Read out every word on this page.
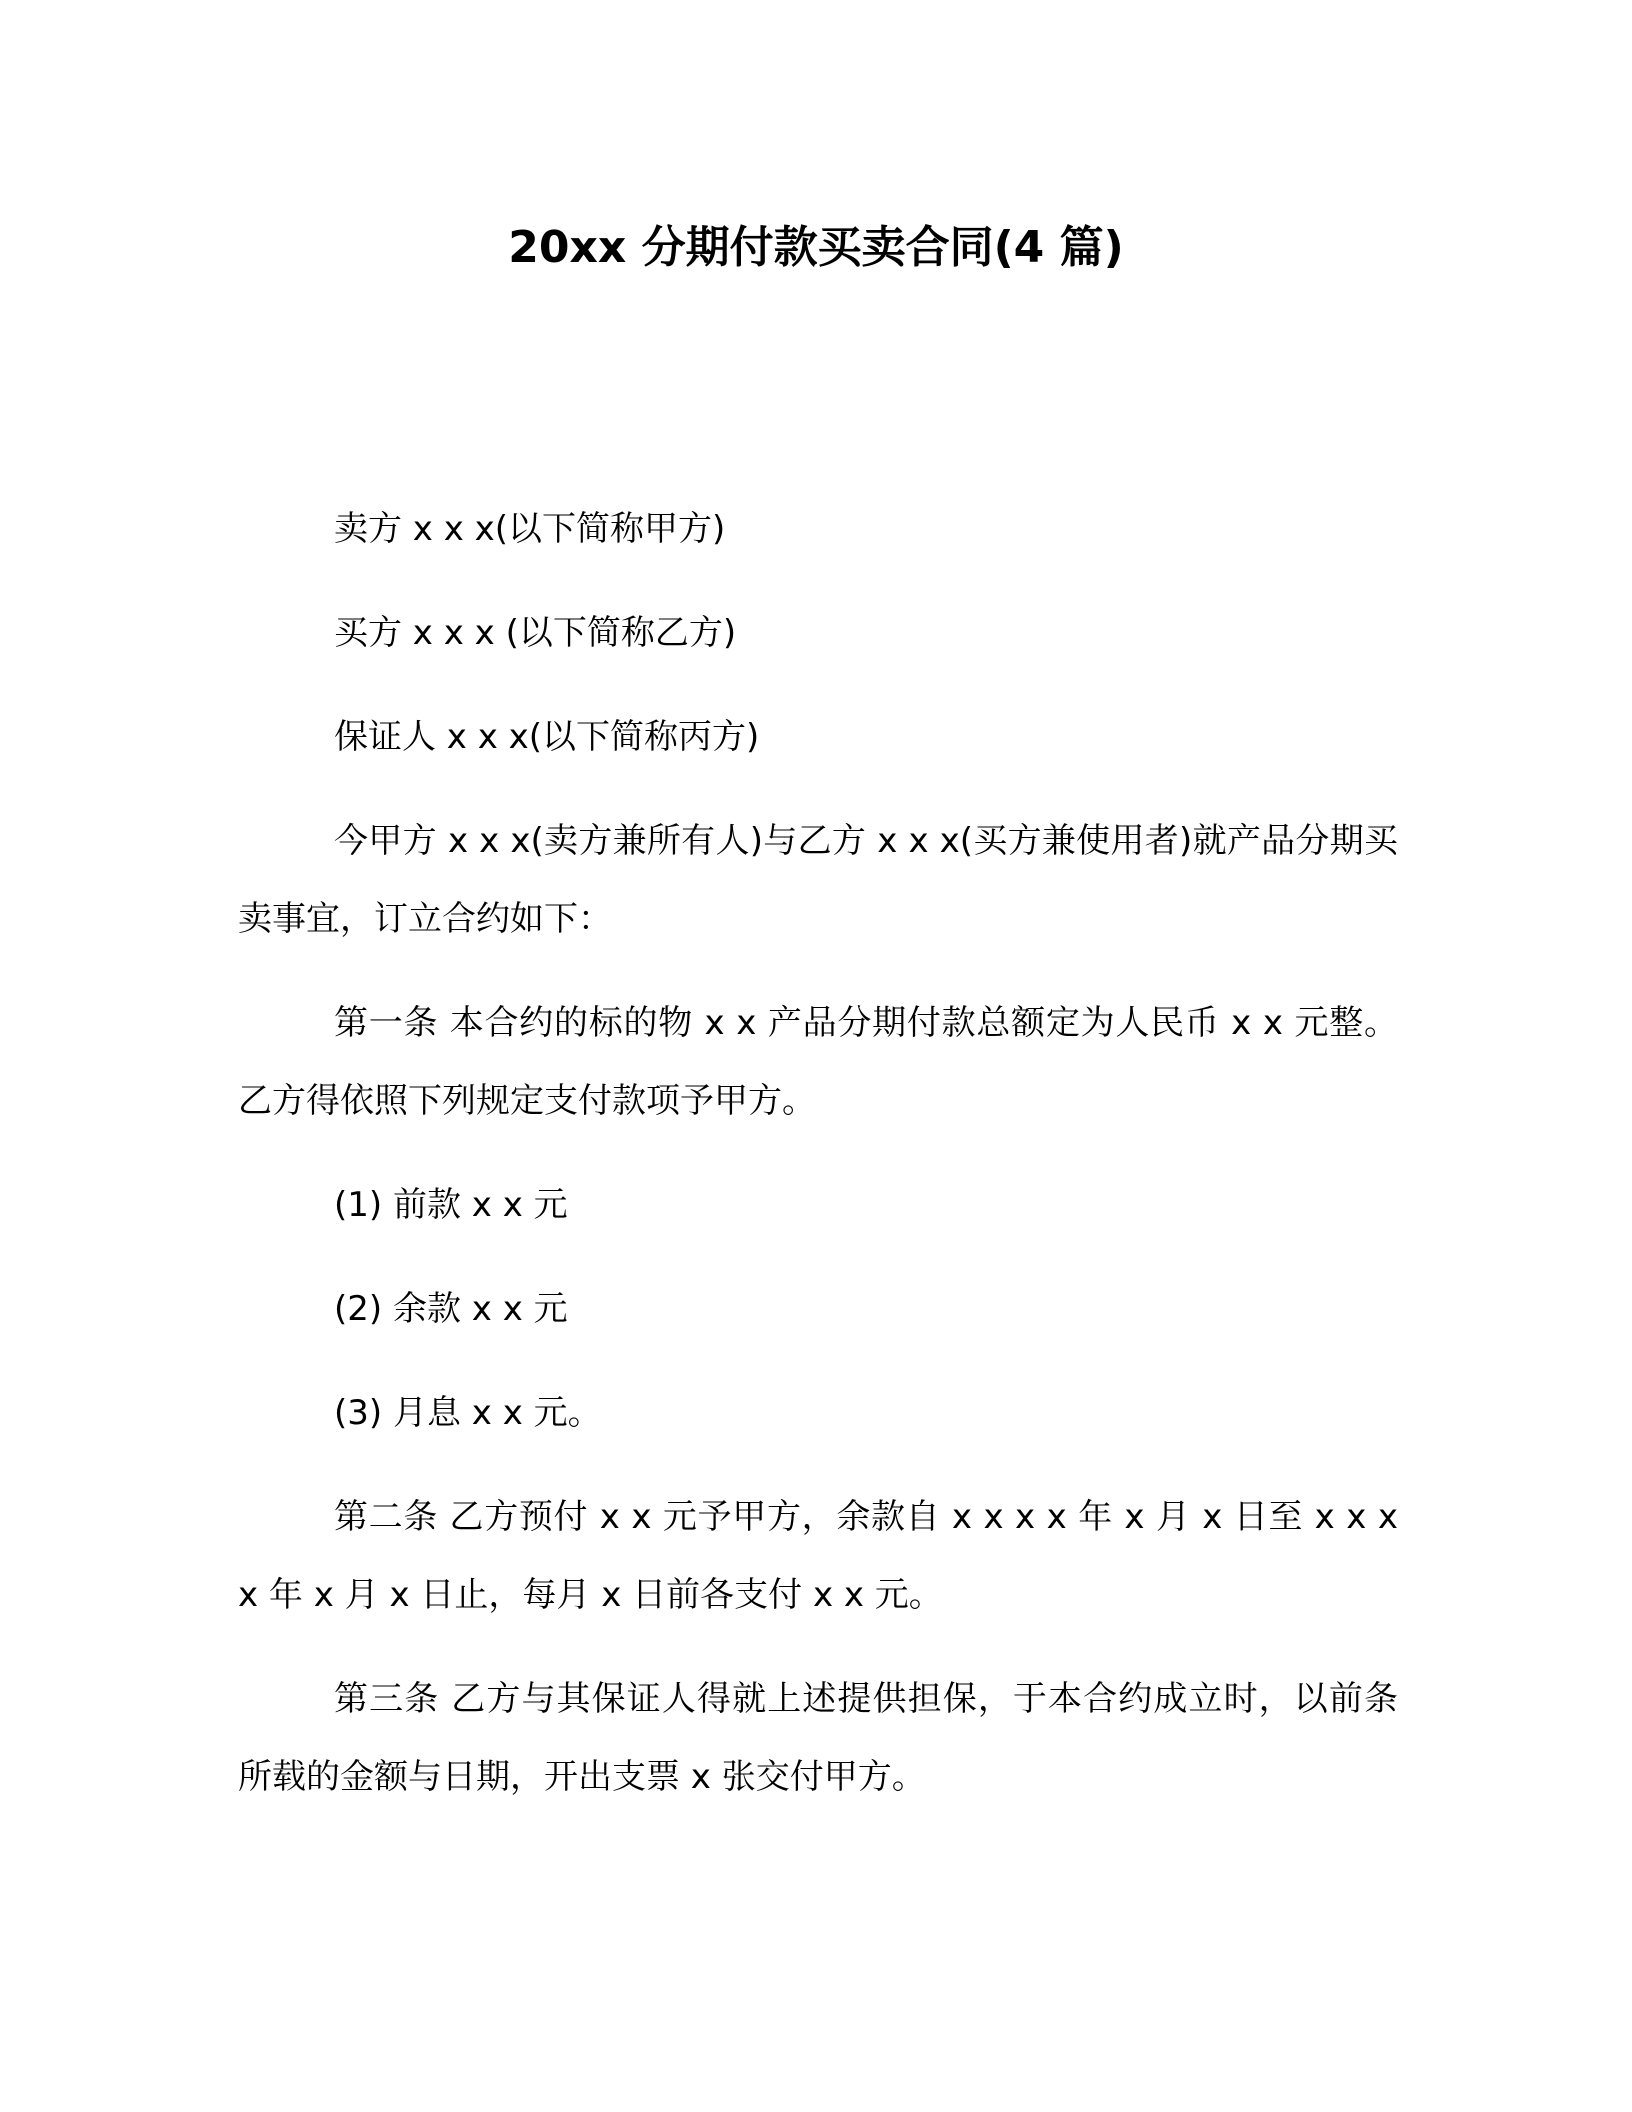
20xx 分期付款买卖合同(4 篇)

卖方 x x x(以下简称甲方)

买方 x x x (以下简称乙方)

保证人 x x x(以下简称丙方)

今甲方 x x x(卖方兼所有人)与乙方 x x x(买方兼使用者)就产品分期买卖事宜，订立合约如下：

第一条 本合约的标的物 x x 产品分期付款总额定为人民币 x x 元整。乙方得依照下列规定支付款项予甲方。

(1) 前款 x x 元

(2) 余款 x x 元

(3) 月息 x x 元。

第二条 乙方预付 x x 元予甲方，余款自 x x x x 年 x 月 x 日至 x x x x 年 x 月 x 日止，每月 x 日前各支付 x x 元。

第三条 乙方与其保证人得就上述提供担保，于本合约成立时，以前条所载的金额与日期，开出支票 x 张交付甲方。
